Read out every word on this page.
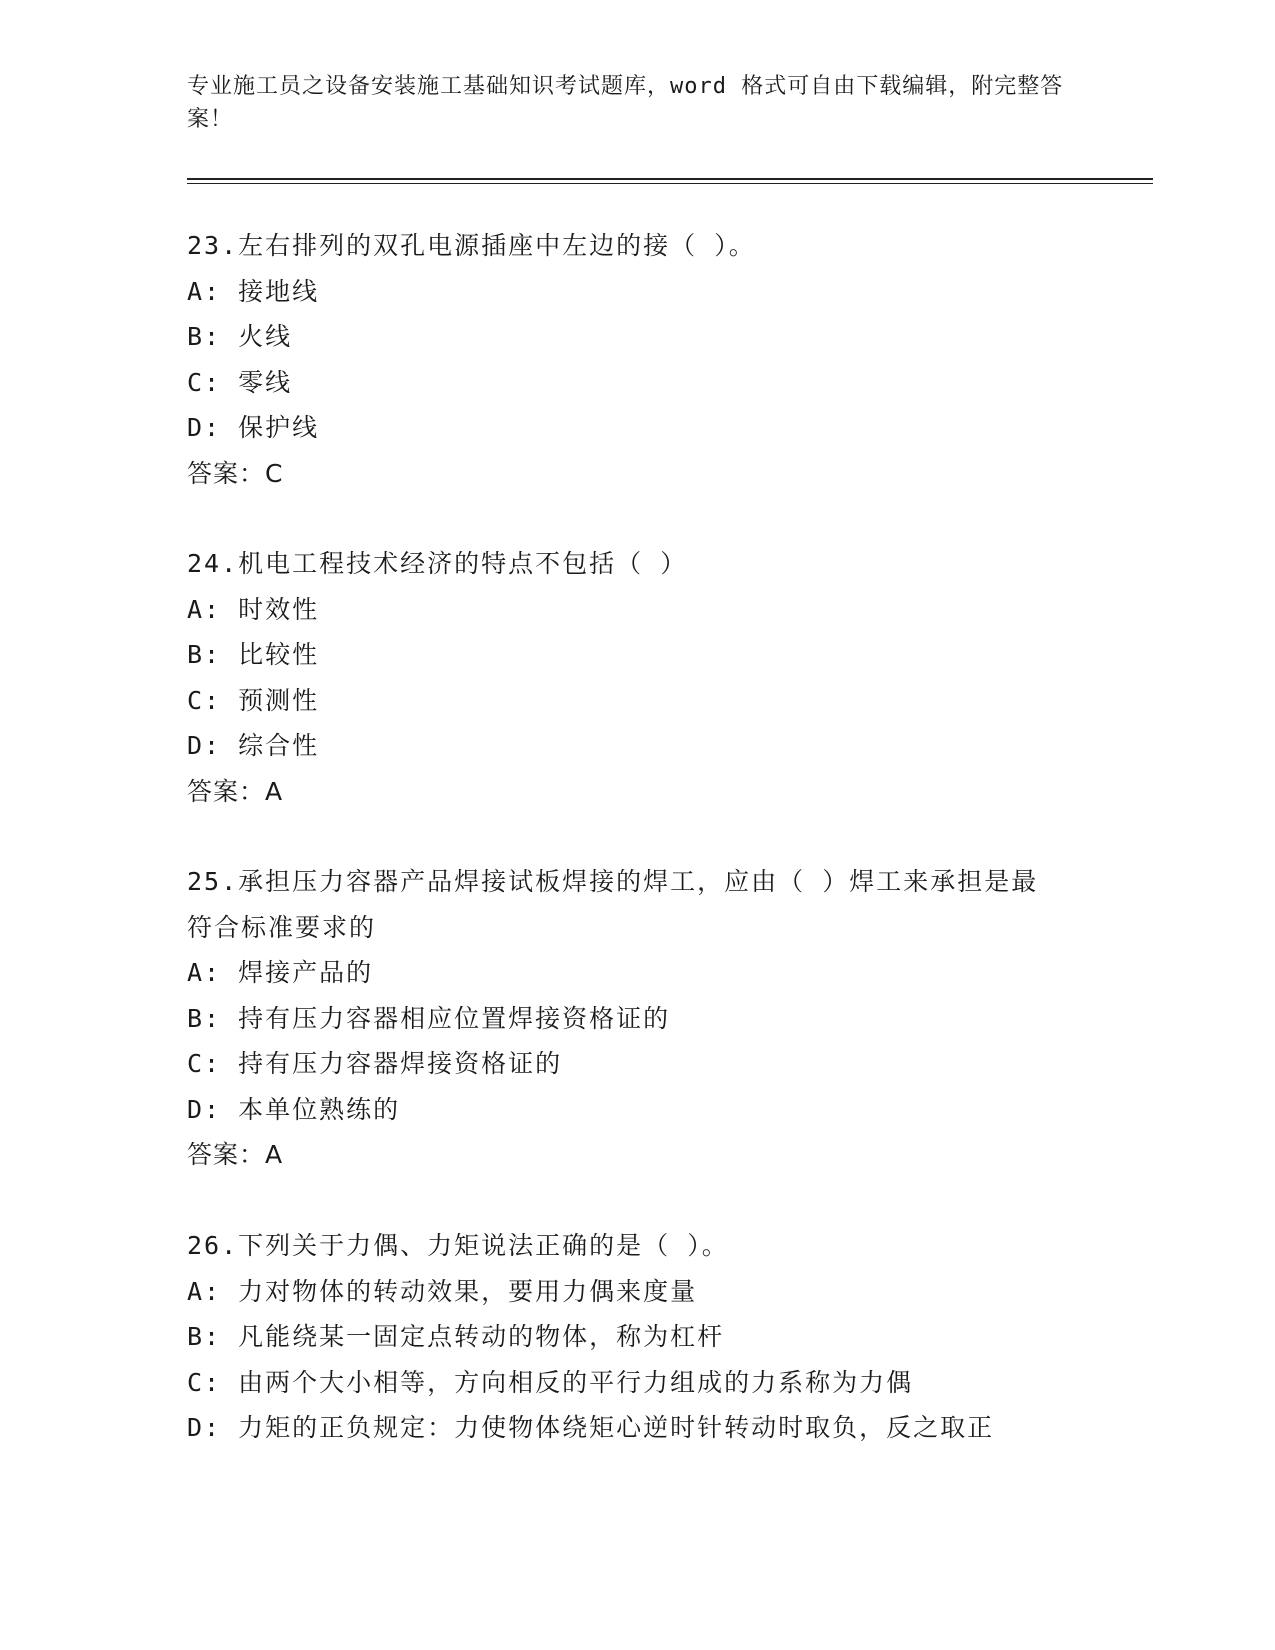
专业施工员之设备安装施工基础知识考试题库，word 格式可自由下载编辑，附完整答案！
23.左右排列的双孔电源插座中左边的接（ ）。
A: 接地线
B: 火线
C: 零线
D: 保护线
答案：C
24.机电工程技术经济的特点不包括（ ）
A: 时效性
B: 比较性
C: 预测性
D: 综合性
答案：A
25.承担压力容器产品焊接试板焊接的焊工，应由（ ）焊工来承担是最符合标准要求的
A: 焊接产品的
B: 持有压力容器相应位置焊接资格证的
C: 持有压力容器焊接资格证的
D: 本单位熟练的
答案：A
26.下列关于力偶、力矩说法正确的是（ ）。
A: 力对物体的转动效果，要用力偶来度量
B: 凡能绕某一固定点转动的物体，称为杠杆
C: 由两个大小相等，方向相反的平行力组成的力系称为力偶
D: 力矩的正负规定：力使物体绕矩心逆时针转动时取负，反之取正
